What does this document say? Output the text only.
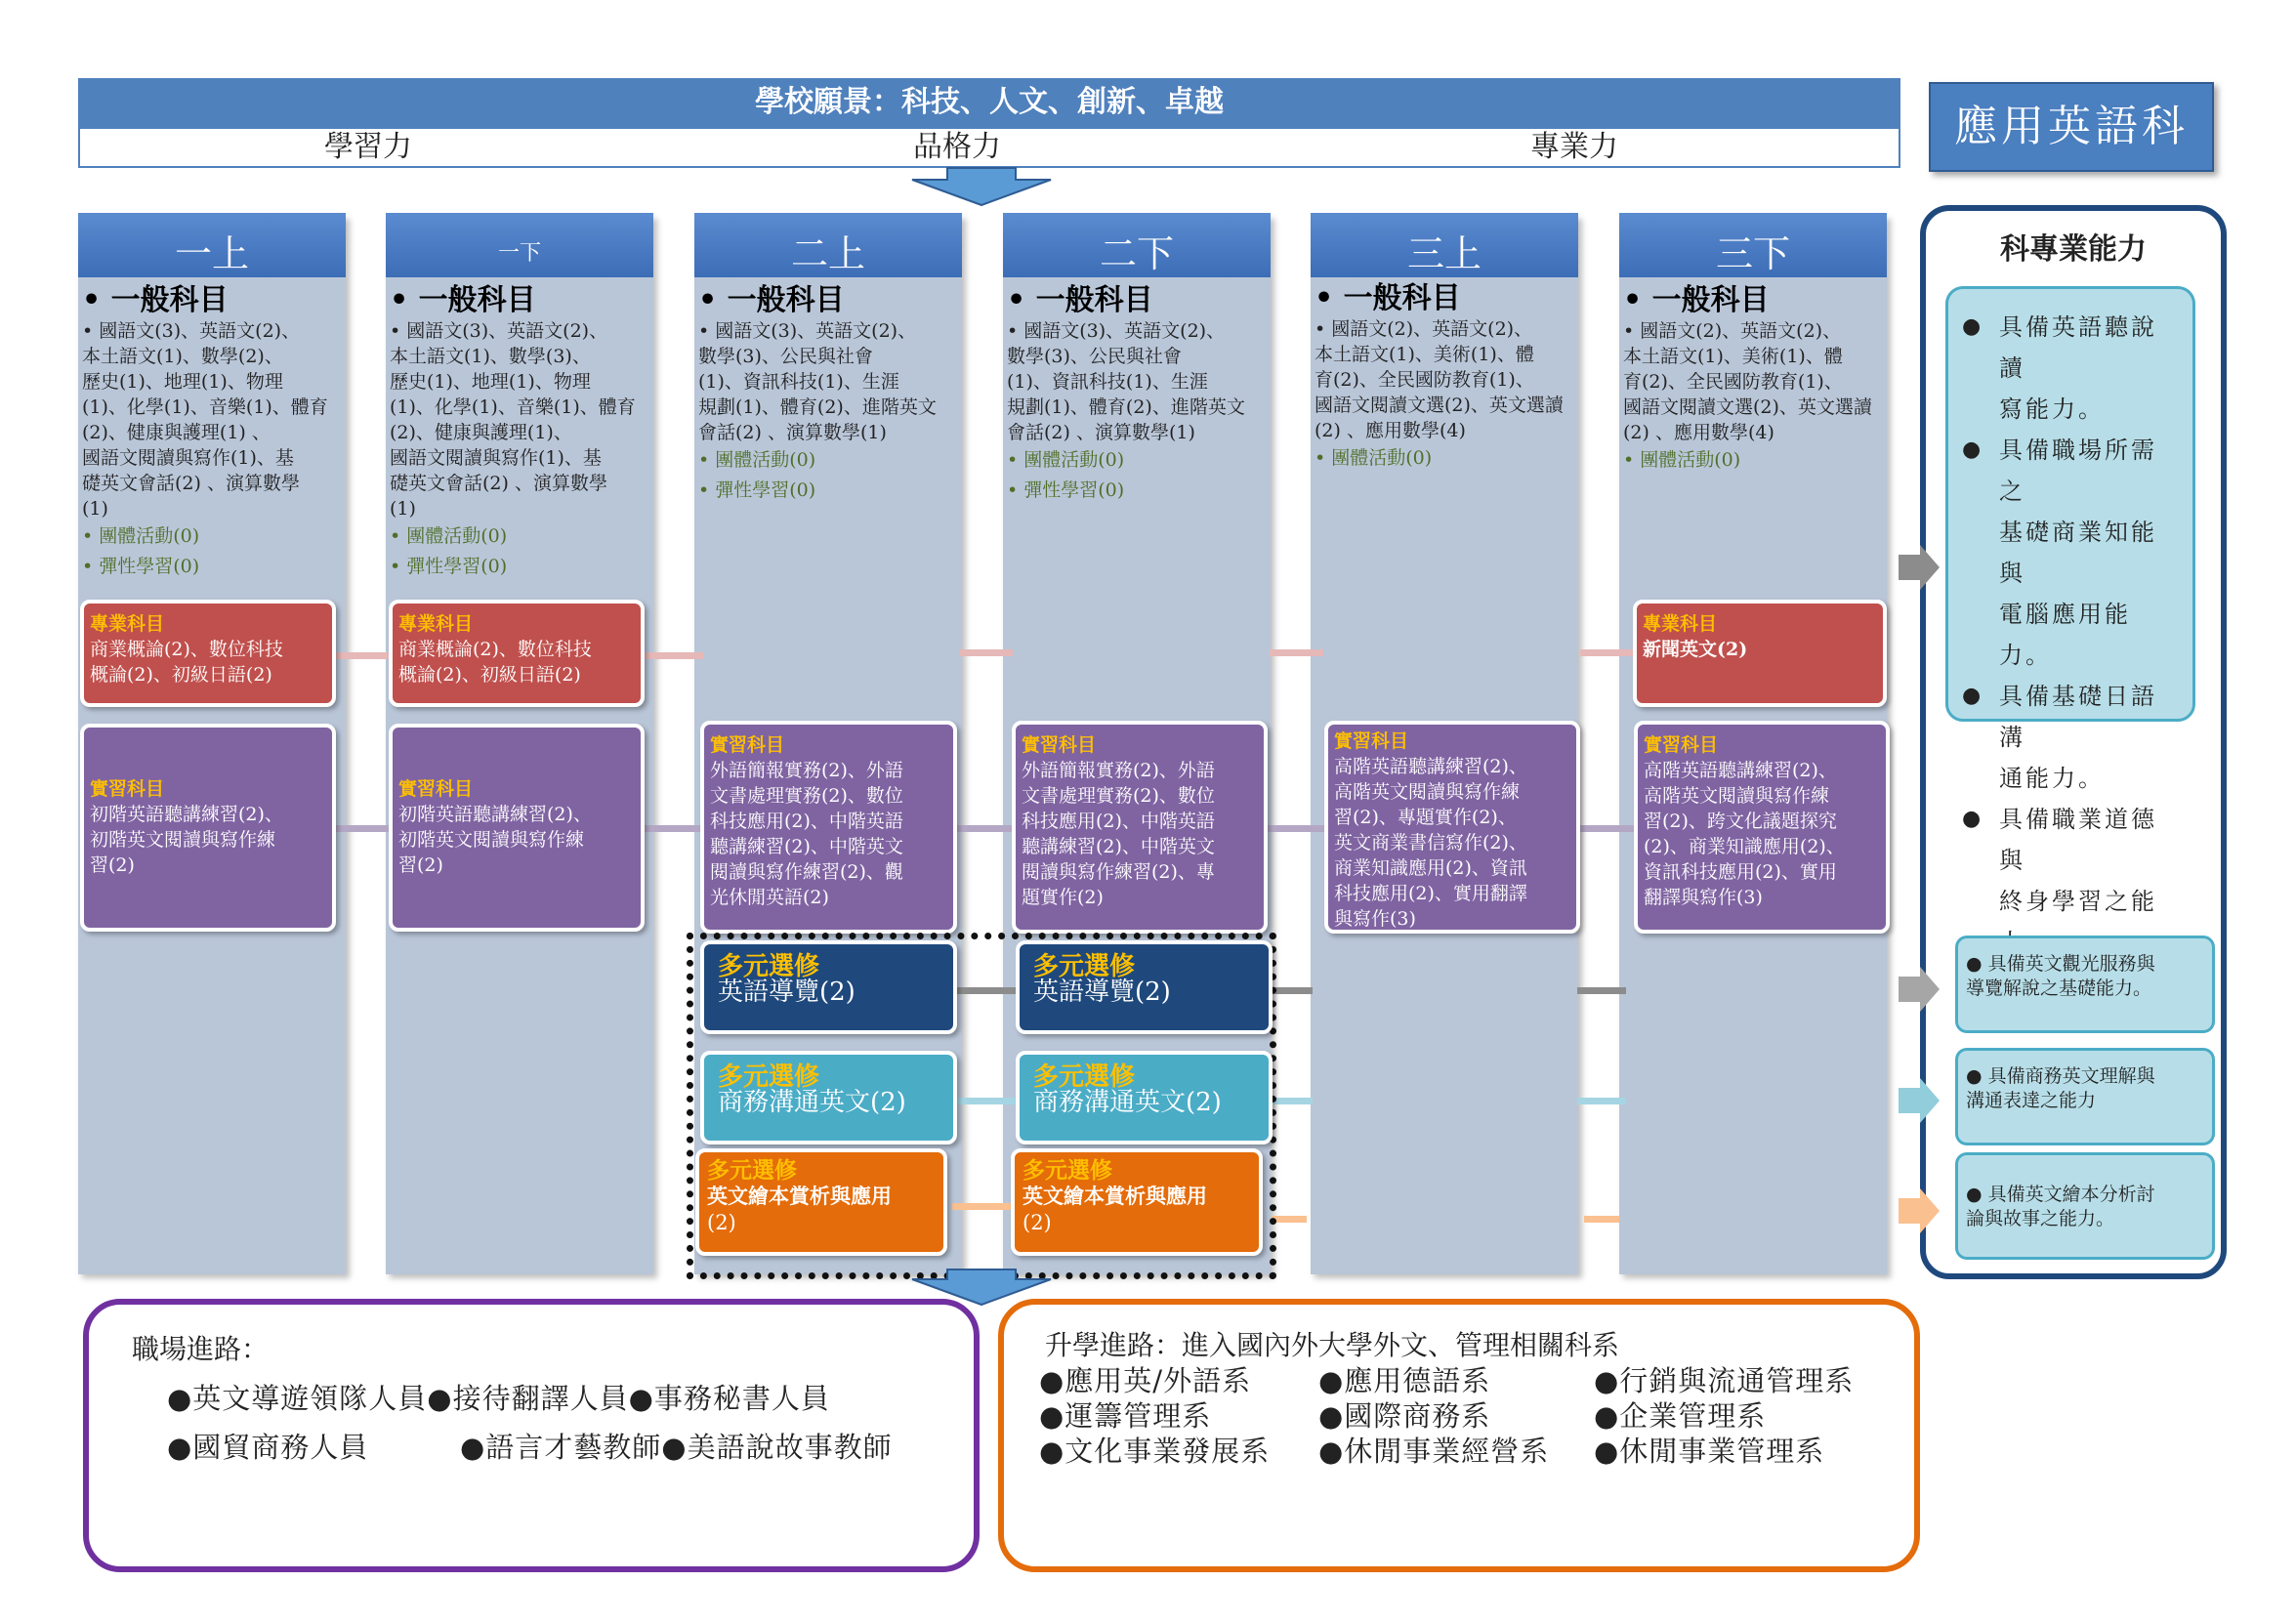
學校願景：科技、人文、創新、卓越
學習力	品格力	專業力	應用英語科
一上	一下	二上	二下	三上	三下
• 一般科目
• 國語文(3)、英語文(2)、
本土語文(1)、數學(2)、
歷史(1)、地理(1)、物理
(1)、化學(1)、音樂(1)、體育
(2)、健康與護理(1) 、
國語文閱讀與寫作(1)、基
礎英文會話(2) 、演算數學
(1)
• 團體活動(0)
• 彈性學習(0)
• 一般科目
• 國語文(3)、英語文(2)、
本土語文(1)、數學(3)、
歷史(1)、地理(1)、物理
(1)、化學(1)、音樂(1)、體育
(2)、健康與護理(1)、
國語文閱讀與寫作(1)、基
礎英文會話(2) 、演算數學
(1)
• 團體活動(0)
• 彈性學習(0)
• 一般科目
• 國語文(3)、英語文(2)、
數學(3)、公民與社會
(1)、資訊科技(1)、生涯
規劃(1)、體育(2)、進階英文
會話(2) 、演算數學(1)
• 團體活動(0)
• 彈性學習(0)
• 一般科目
• 國語文(3)、英語文(2)、
數學(3)、公民與社會
(1)、資訊科技(1)、生涯
規劃(1)、體育(2)、進階英文
會話(2) 、演算數學(1)
• 團體活動(0)
• 彈性學習(0)
• 一般科目
• 國語文(2)、英語文(2)、
本土語文(1)、美術(1)、體
育(2)、全民國防教育(1)、
國語文閱讀文選(2)、英文選讀
(2) 、應用數學(4)
• 團體活動(0)
• 一般科目
• 國語文(2)、英語文(2)、
本土語文(1)、美術(1)、體
育(2)、全民國防教育(1)、
國語文閱讀文選(2)、英文選讀
(2) 、應用數學(4)
• 團體活動(0)
專業科目
商業概論(2)、數位科技
概論(2)、初級日語(2)
專業科目
商業概論(2)、數位科技
概論(2)、初級日語(2)
專業科目
新聞英文(2)
實習科目
初階英語聽講練習(2)、
初階英文閱讀與寫作練
習(2)
實習科目
初階英語聽講練習(2)、
初階英文閱讀與寫作練
習(2)
實習科目
外語簡報實務(2)、外語
文書處理實務(2)、數位
科技應用(2)、中階英語
聽講練習(2)、中階英文
閱讀與寫作練習(2)、觀
光休閒英語(2)
實習科目
外語簡報實務(2)、外語
文書處理實務(2)、數位
科技應用(2)、中階英語
聽講練習(2)、中階英文
閱讀與寫作練習(2)、專
題實作(2)
實習科目
高階英語聽講練習(2)、
高階英文閱讀與寫作練
習(2)、專題實作(2)、
英文商業書信寫作(2)、
商業知識應用(2)、資訊
科技應用(2)、實用翻譯
與寫作(3)
實習科目
高階英語聽講練習(2)、
高階英文閱讀與寫作練
習(2)、跨文化議題探究
(2)、商業知識應用(2)、
資訊科技應用(2)、實用
翻譯與寫作(3)
多元選修
英語導覽(2)
多元選修
英語導覽(2)
多元選修
商務溝通英文(2)
多元選修
商務溝通英文(2)
多元選修
英文繪本賞析與應用
(2)
多元選修
英文繪本賞析與應用
(2)
科專業能力
● 具備英語聽說讀
寫能力。
● 具備職場所需之
基礎商業知能與
電腦應用能力。
● 具備基礎日語溝
通能力。
● 具備職業道德與
終身學習之能
● 具備英文觀光服務與
導覽解說之基礎能力。
● 具備商務英文理解與
溝通表達之能力
● 具備英文繪本分析討
論與故事之能力。
職場進路：
●英文導遊領隊人員●接待翻譯人員●事務秘書人員
●國貿商務人員	●語言才藝教師●美語說故事教師
升學進路：進入國內外大學外文、管理相關科系
●應用英/外語系 ●應用德語系	●行銷與流通管理系
●運籌管理系	●國際商務系	●企業管理系
●文化事業發展系 ●休閒事業經營系 ●休閒事業管理系
